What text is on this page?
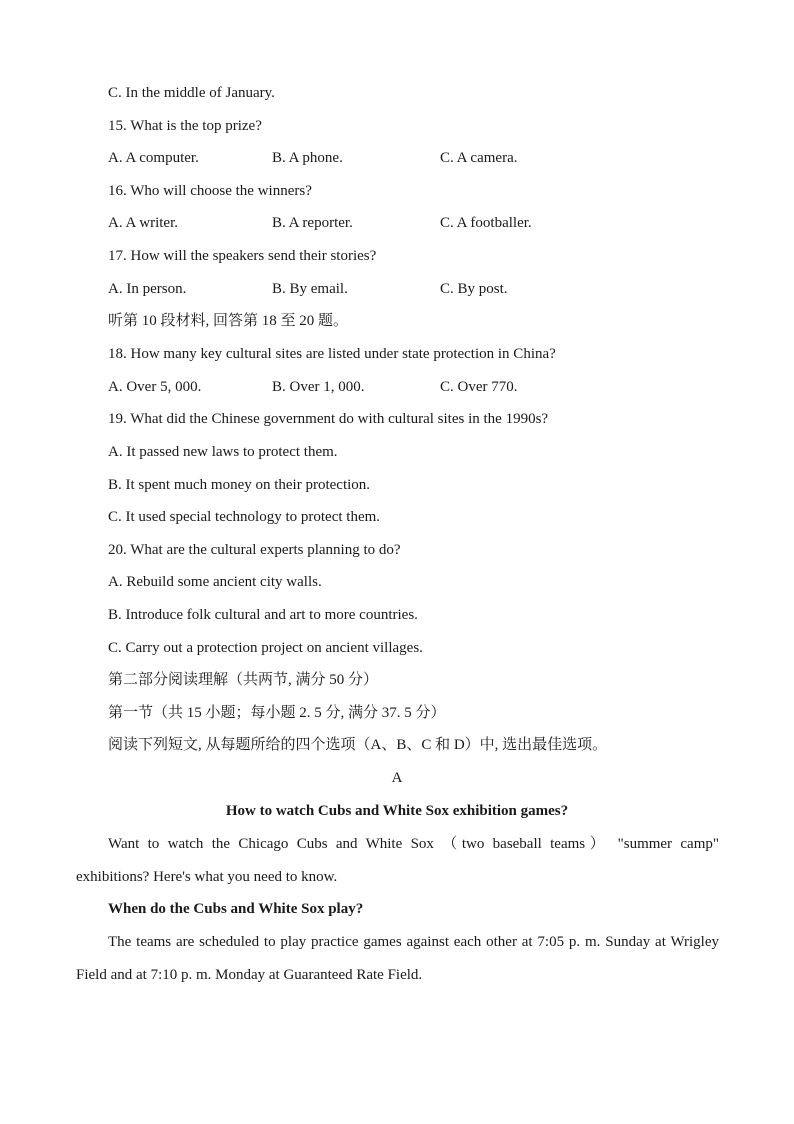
C. In the middle of January.
15. What is the top prize?
A. A computer.	B. A phone.	C. A camera.
16. Who will choose the winners?
A. A writer.	B. A reporter.	C. A footballer.
17. How will the speakers send their stories?
A. In person.	B. By email.	C. By post.
听第 10 段材料, 回答第 18 至 20 题。
18. How many key cultural sites are listed under state protection in China?
A. Over 5, 000.	B. Over 1, 000.	C. Over 770.
19. What did the Chinese government do with cultural sites in the 1990s?
A. It passed new laws to protect them.
B. It spent much money on their protection.
C. It used special technology to protect them.
20. What are the cultural experts planning to do?
A. Rebuild some ancient city walls.
B. Introduce folk cultural and art to more countries.
C. Carry out a protection project on ancient villages.
第二部分阅读理解（共两节, 满分 50 分）
第一节（共 15 小题；每小题 2. 5 分, 满分 37. 5 分）
阅读下列短文, 从每题所给的四个选项（A、B、C 和 D）中, 选出最佳选项。
A
How to watch Cubs and White Sox exhibition games?
Want to watch the Chicago Cubs and White Sox （two baseball teams） "summer camp" exhibitions? Here's what you need to know.
When do the Cubs and White Sox play?
The teams are scheduled to play practice games against each other at 7:05 p. m. Sunday at Wrigley Field and at 7:10 p. m. Monday at Guaranteed Rate Field.
